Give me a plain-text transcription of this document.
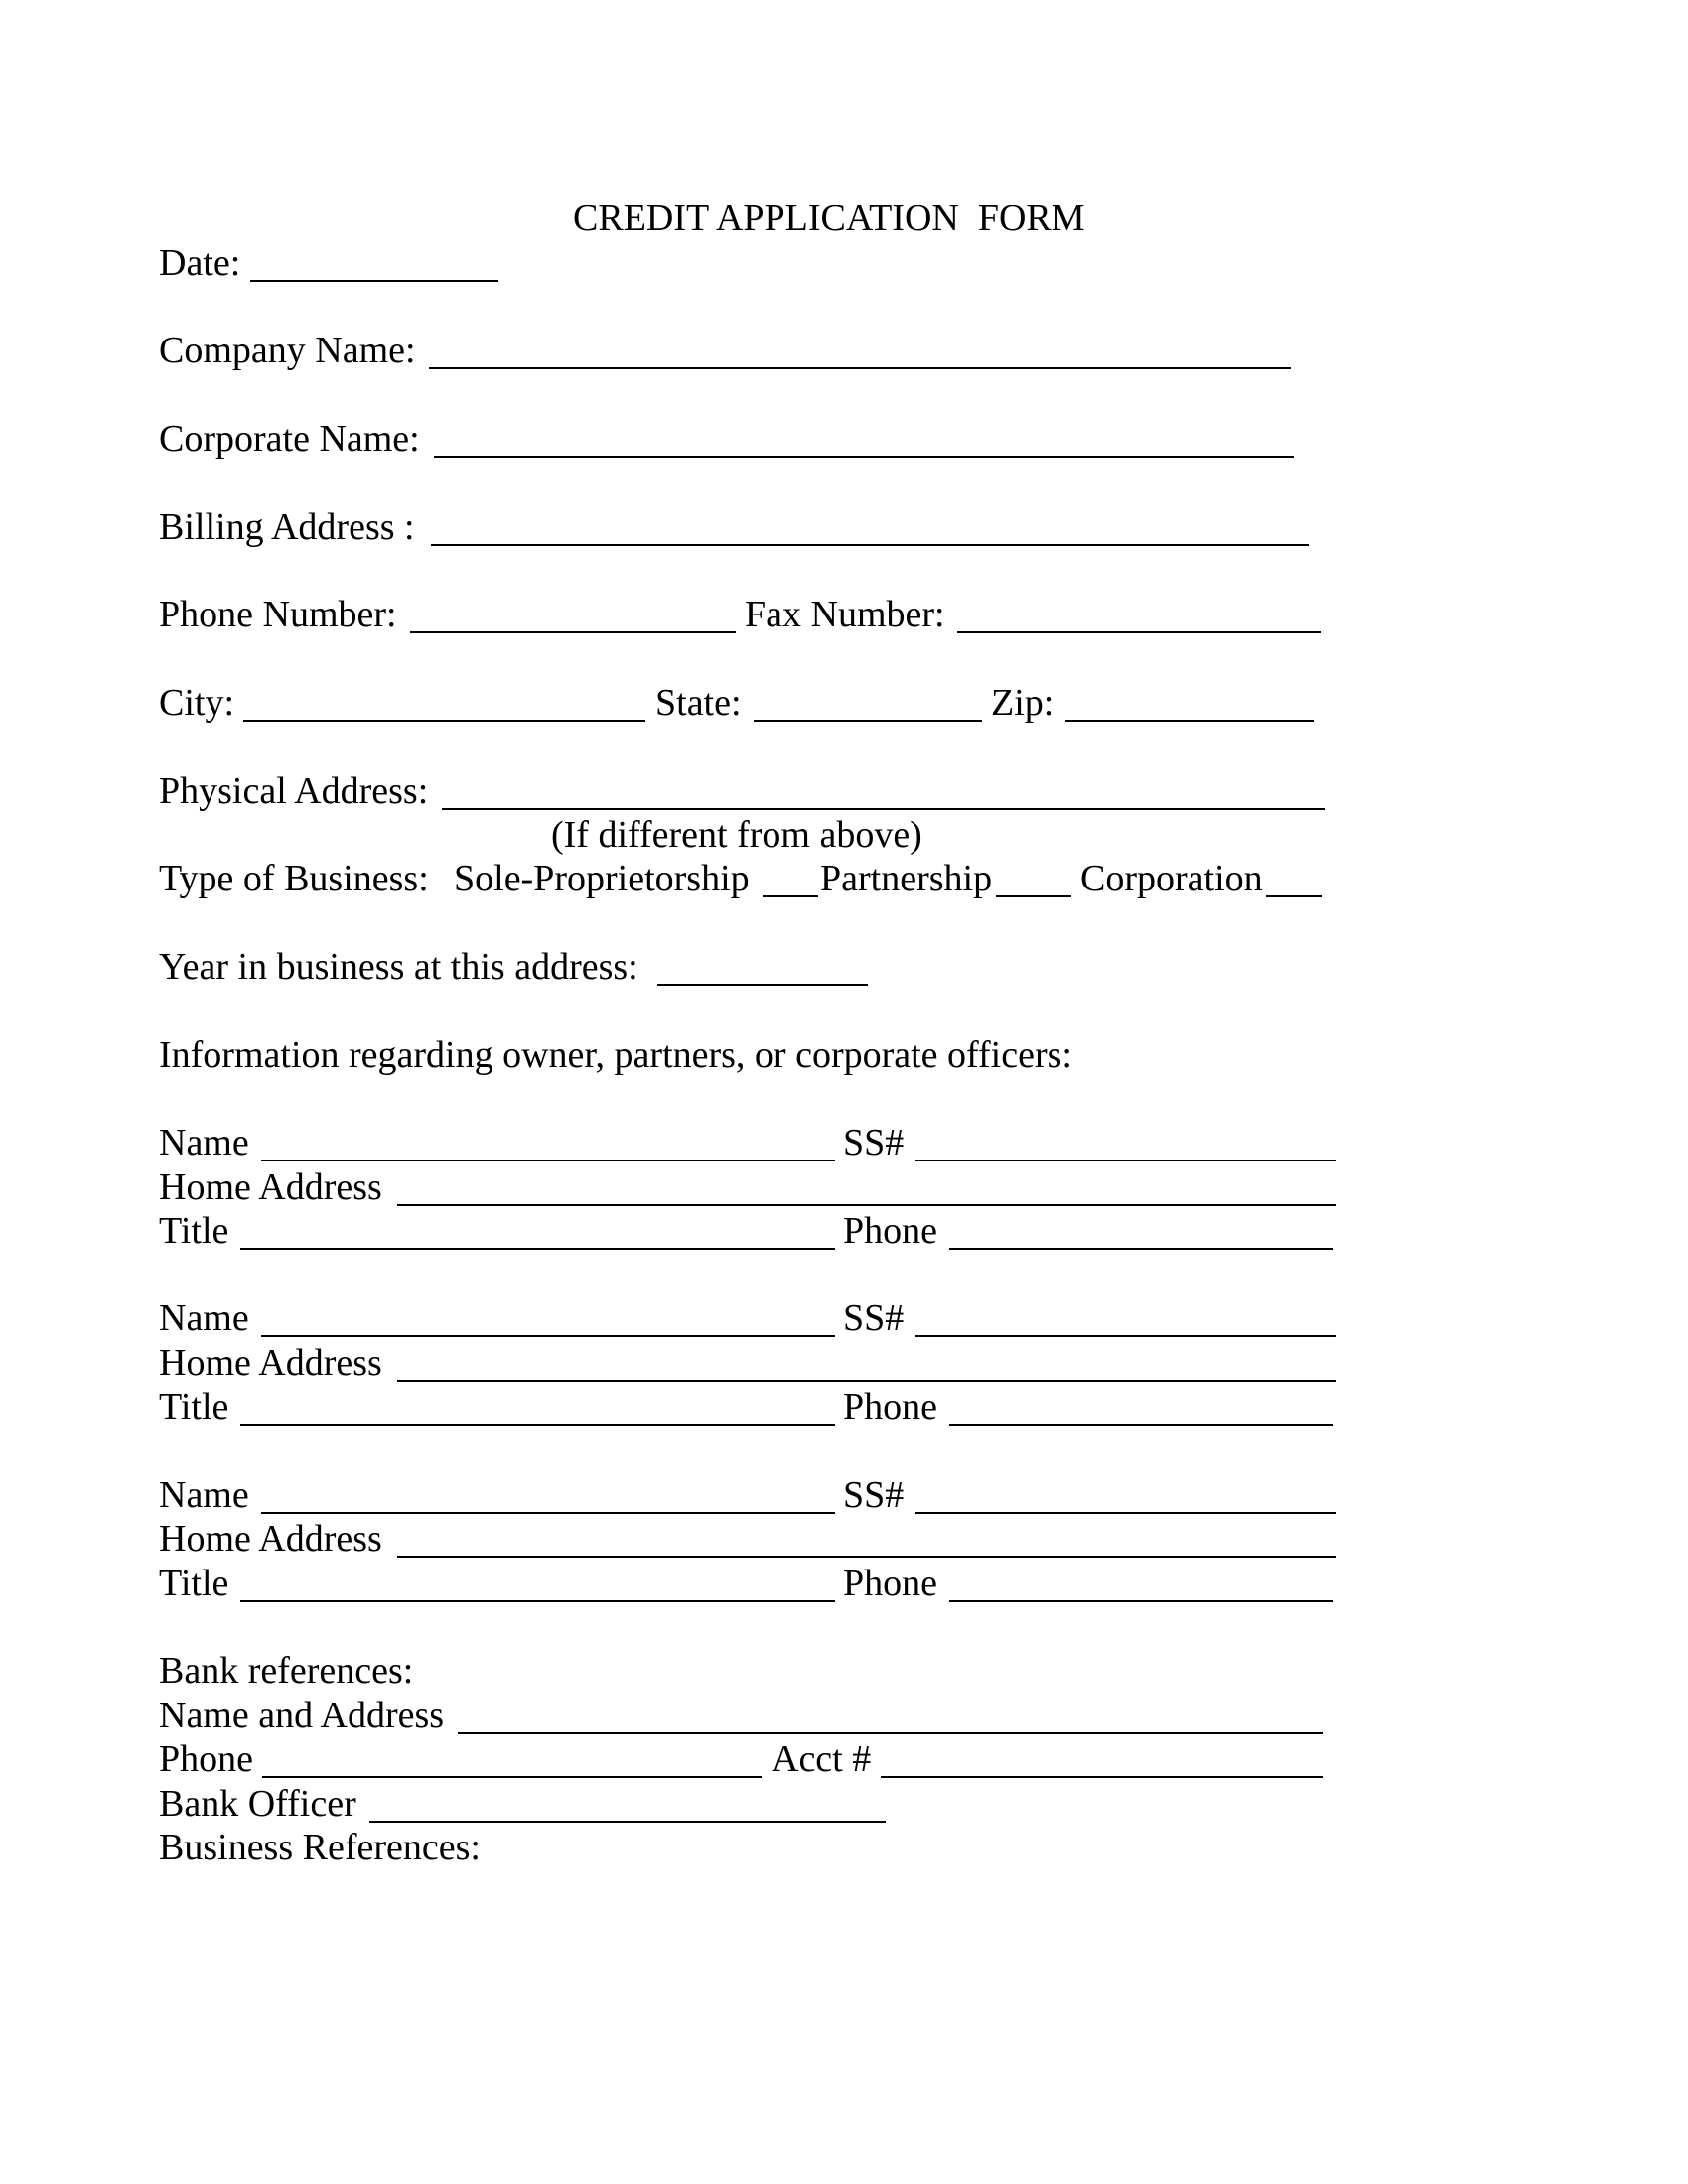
CREDIT APPLICATION  FORM
Date:
Company Name:
Corporate Name:
Billing Address :
Phone Number:	Fax Number:
City:	State:	Zip:
Physical Address:
(If different from above)
Type of Business: Sole-Proprietorship Partnership Corporation
Year in business at this address:
Information regarding owner, partners, or corporate officers:
Name	SS#
Home Address
Title	Phone
Name	SS#
Home Address
Title	Phone
Name	SS#
Home Address
Title	Phone
Bank references:
Name and Address
Phone	Acct #
Bank Officer
Business References:
